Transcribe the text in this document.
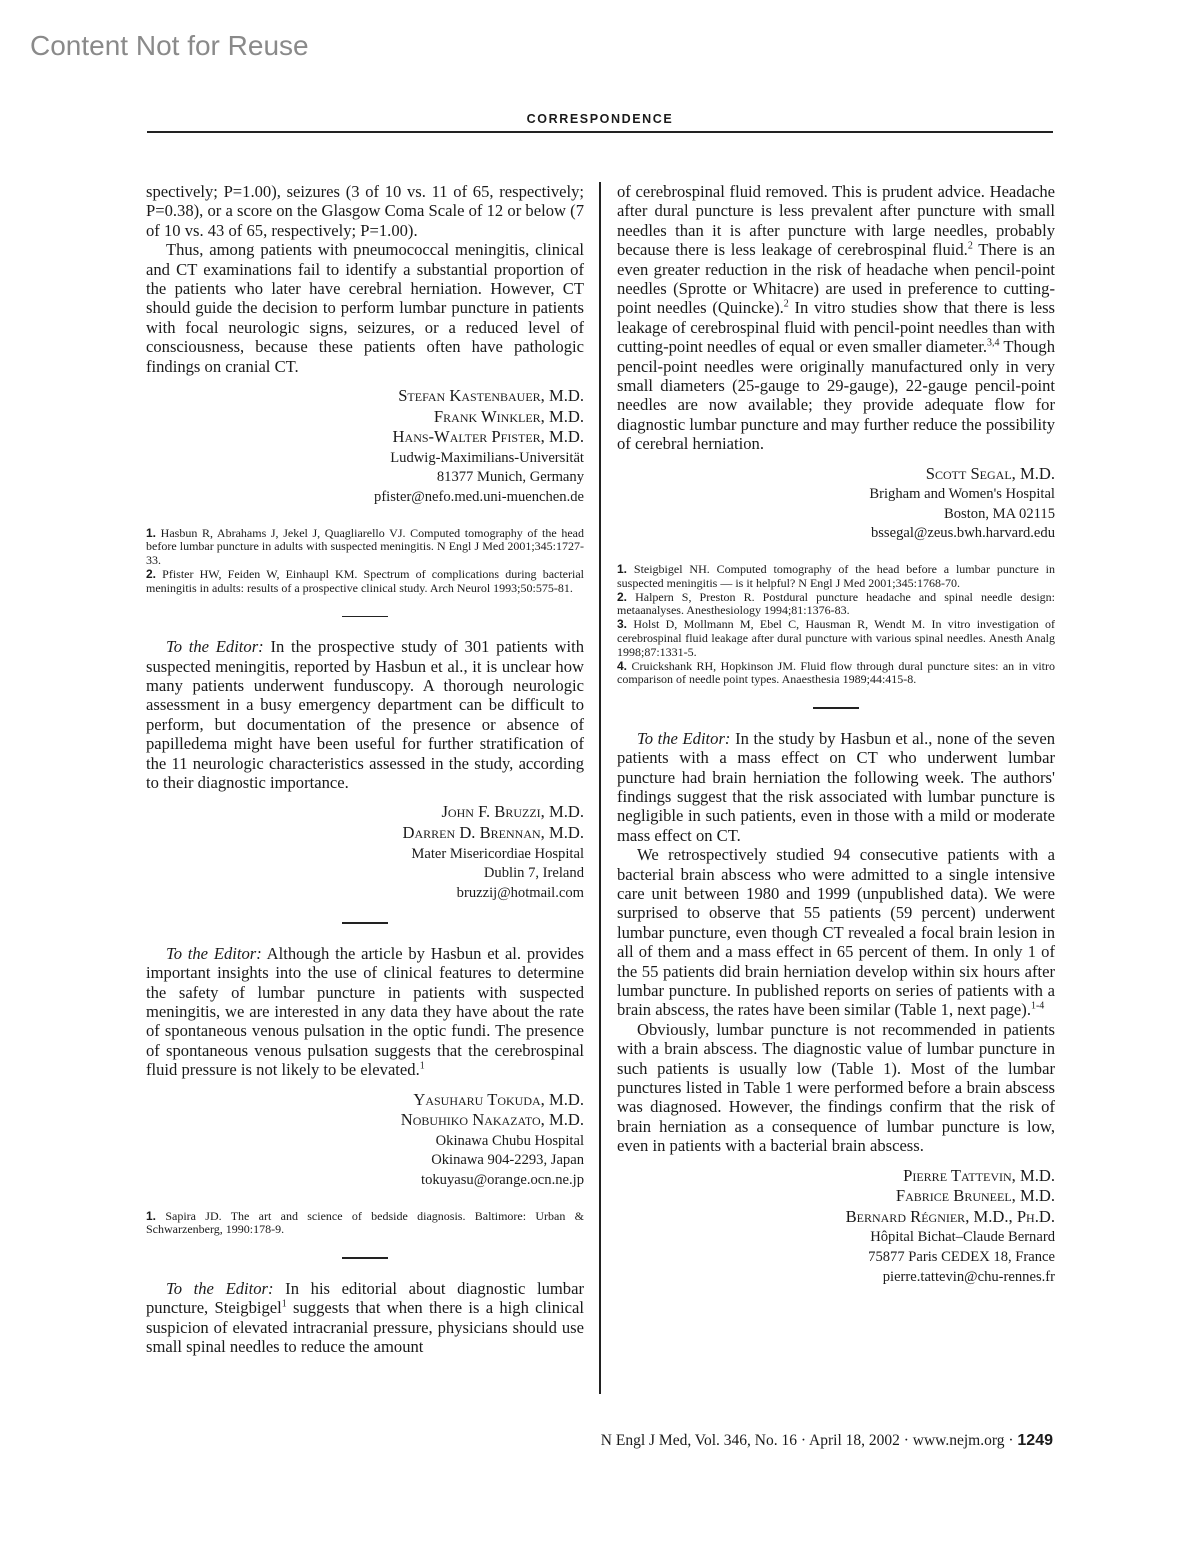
Content Not for Reuse
CORRESPONDENCE

spectively; P=1.00), seizures (3 of 10 vs. 11 of 65, respectively; P=0.38), or a score on the Glasgow Coma Scale of 12 or below (7 of 10 vs. 43 of 65, respectively; P=1.00).

Thus, among patients with pneumococcal meningitis, clinical and CT examinations fail to identify a substantial proportion of the patients who later have cerebral herniation. However, CT should guide the decision to perform lumbar puncture in patients with focal neurologic signs, seizures, or a reduced level of consciousness, because these patients often have pathologic findings on cranial CT.

Stefan Kastenbauer, M.D.
Frank Winkler, M.D.
Hans-Walter Pfister, M.D.
Ludwig-Maximilians-Universität
81377 Munich, Germany
pfister@nefo.med.uni-muenchen.de
1. Hasbun R, Abrahams J, Jekel J, Quagliarello VJ. Computed tomography of the head before lumbar puncture in adults with suspected meningitis. N Engl J Med 2001;345:1727-33.
2. Pfister HW, Feiden W, Einhaupl KM. Spectrum of complications during bacterial meningitis in adults: results of a prospective clinical study. Arch Neurol 1993;50:575-81.

To the Editor: In the prospective study of 301 patients with suspected meningitis, reported by Hasbun et al., it is unclear how many patients underwent funduscopy. A thorough neurologic assessment in a busy emergency department can be difficult to perform, but documentation of the presence or absence of papilledema might have been useful for further stratification of the 11 neurologic characteristics assessed in the study, according to their diagnostic importance.

John F. Bruzzi, M.D.
Darren D. Brennan, M.D.
Mater Misericordiae Hospital
Dublin 7, Ireland
bruzzij@hotmail.com

To the Editor: Although the article by Hasbun et al. provides important insights into the use of clinical features to determine the safety of lumbar puncture in patients with suspected meningitis, we are interested in any data they have about the rate of spontaneous venous pulsation in the optic fundi. The presence of spontaneous venous pulsation suggests that the cerebrospinal fluid pressure is not likely to be elevated.$^1$

Yasuharu Tokuda, M.D.
Nobuhiko Nakazato, M.D.
Okinawa Chubu Hospital
Okinawa 904-2293, Japan
tokuyasu@orange.ocn.ne.jp
1. Sapira JD. The art and science of bedside diagnosis. Baltimore: Urban & Schwarzenberg, 1990:178-9.

To the Editor: In his editorial about diagnostic lumbar puncture, Steigbigel$^1$ suggests that when there is a high clinical suspicion of elevated intracranial pressure, physicians should use small spinal needles to reduce the amount

of cerebrospinal fluid removed. This is prudent advice. Headache after dural puncture is less prevalent after puncture with small needles than it is after puncture with large needles, probably because there is less leakage of cerebrospinal fluid.$^2$ There is an even greater reduction in the risk of headache when pencil-point needles (Sprotte or Whitacre) are used in preference to cutting-point needles (Quincke).$^2$ In vitro studies show that there is less leakage of cerebrospinal fluid with pencil-point needles than with cutting-point needles of equal or even smaller diameter.$^{3,4}$ Though pencil-point needles were originally manufactured only in very small diameters (25-gauge to 29-gauge), 22-gauge pencil-point needles are now available; they provide adequate flow for diagnostic lumbar puncture and may further reduce the possibility of cerebral herniation.

Scott Segal, M.D.
Brigham and Women's Hospital
Boston, MA 02115
bssegal@zeus.bwh.harvard.edu
1. Steigbigel NH. Computed tomography of the head before a lumbar puncture in suspected meningitis — is it helpful? N Engl J Med 2001;345:1768-70.
2. Halpern S, Preston R. Postdural puncture headache and spinal needle design: metaanalyses. Anesthesiology 1994;81:1376-83.
3. Holst D, Mollmann M, Ebel C, Hausman R, Wendt M. In vitro investigation of cerebrospinal fluid leakage after dural puncture with various spinal needles. Anesth Analg 1998;87:1331-5.
4. Cruickshank RH, Hopkinson JM. Fluid flow through dural puncture sites: an in vitro comparison of needle point types. Anaesthesia 1989;44:415-8.

To the Editor: In the study by Hasbun et al., none of the seven patients with a mass effect on CT who underwent lumbar puncture had brain herniation the following week. The authors' findings suggest that the risk associated with lumbar puncture is negligible in such patients, even in those with a mild or moderate mass effect on CT.

We retrospectively studied 94 consecutive patients with a bacterial brain abscess who were admitted to a single intensive care unit between 1980 and 1999 (unpublished data). We were surprised to observe that 55 patients (59 percent) underwent lumbar puncture, even though CT revealed a focal brain lesion in all of them and a mass effect in 65 percent of them. In only 1 of the 55 patients did brain herniation develop within six hours after lumbar puncture. In published reports on series of patients with a brain abscess, the rates have been similar (Table 1, next page).$^{1-4}$

Obviously, lumbar puncture is not recommended in patients with a brain abscess. The diagnostic value of lumbar puncture in such patients is usually low (Table 1). Most of the lumbar punctures listed in Table 1 were performed before a brain abscess was diagnosed. However, the findings confirm that the risk of brain herniation as a consequence of lumbar puncture is low, even in patients with a bacterial brain abscess.

Pierre Tattevin, M.D.
Fabrice Bruneel, M.D.
Bernard Régnier, M.D., Ph.D.
Hôpital Bichat–Claude Bernard
75877 Paris CEDEX 18, France
pierre.tattevin@chu-rennes.fr
N Engl J Med, Vol. 346, No. 16 · April 18, 2002 · www.nejm.org · 1249
